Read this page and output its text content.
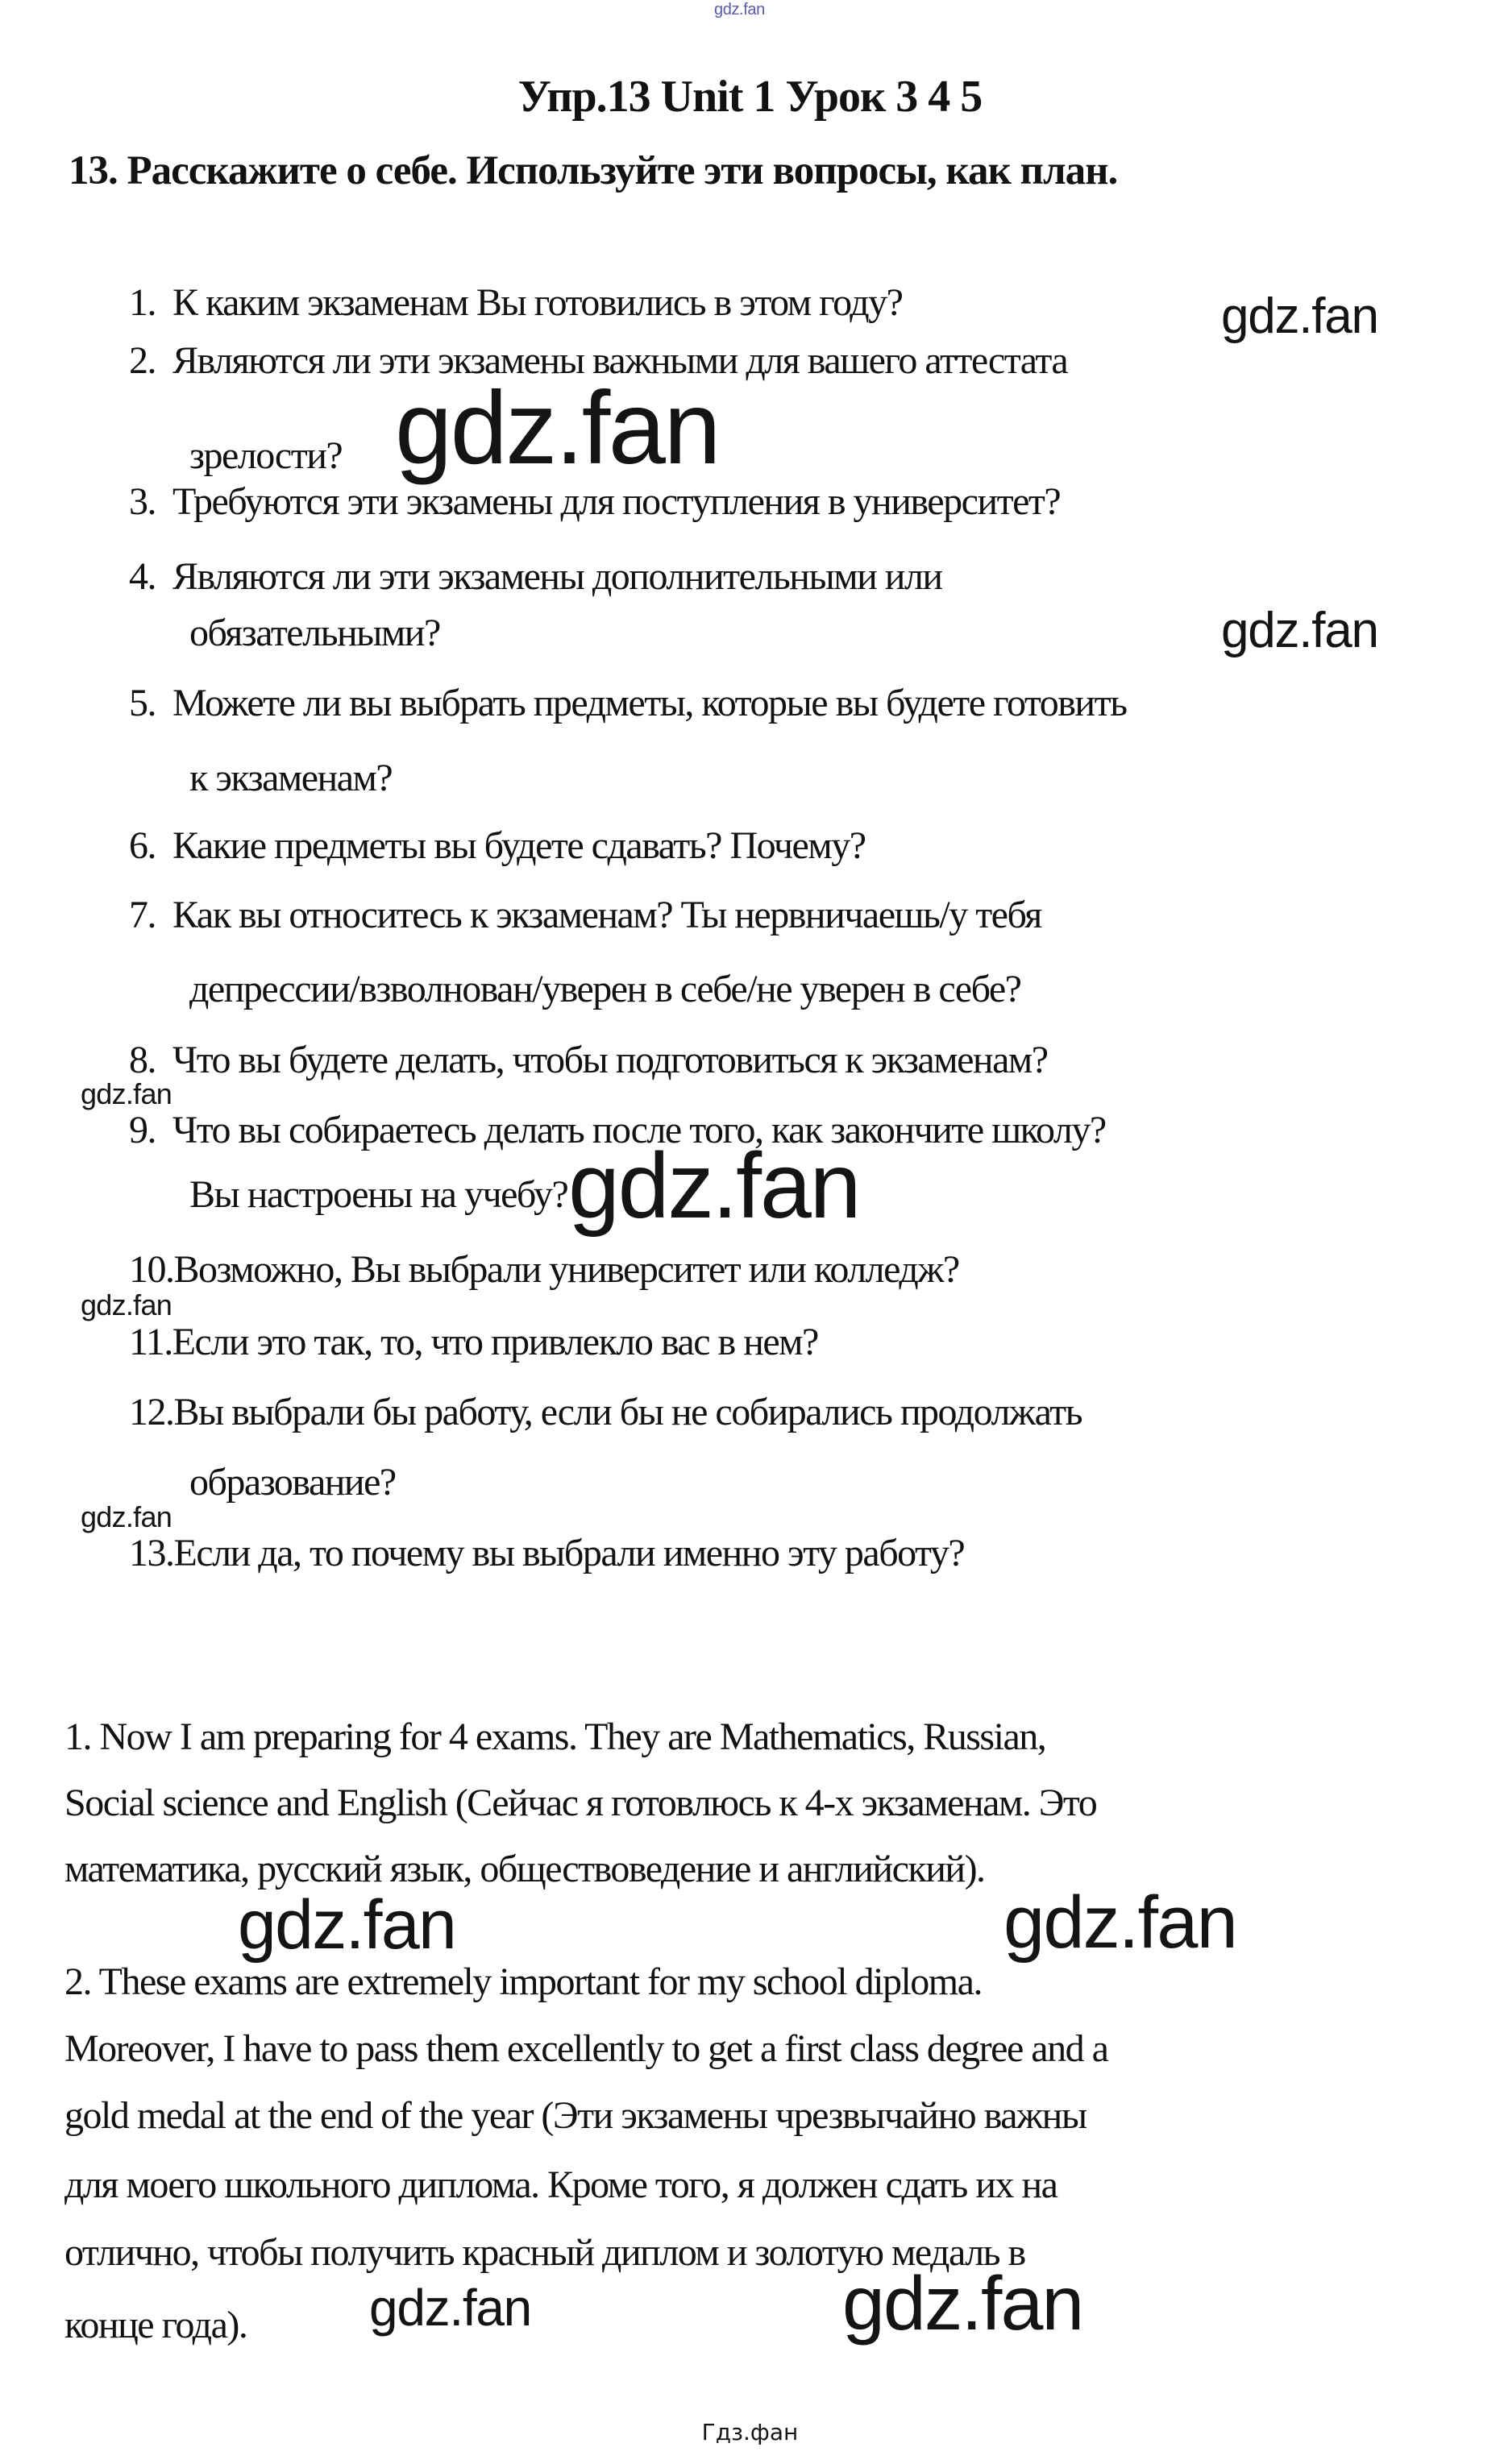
gdz.fan
gdz.fan
gdz.fan
gdz.fan
gdz.fan
gdz.fan
gdz.fan
gdz.fan
gdz.fan	gdz.fan
gdz.fan	gdz.fan
Упр.13 Unit 1 Урок 3 4 5
13. Расскажите о себе. Используйте эти вопросы, как план.
1.  К каким экзаменам Вы готовились в этом году?
2.  Являются ли эти экзамены важными для вашего аттестата
зрелости?
3.  Требуются эти экзамены для поступления в университет?
4.  Являются ли эти экзамены дополнительными или
обязательными?
5.  Можете ли вы выбрать предметы, которые вы будете готовить
к экзаменам?
6.  Какие предметы вы будете сдавать? Почему?
7.  Как вы относитесь к экзаменам? Ты нервничаешь/у тебя
депрессии/взволнован/уверен в себе/не уверен в себе?
8.  Что вы будете делать, чтобы подготовиться к экзаменам?
9.  Что вы собираетесь делать после того, как закончите школу?
Вы настроены на учебу?
10.Возможно, Вы выбрали университет или колледж?
11.Если это так, то, что привлекло вас в нем?
12.Вы выбрали бы работу, если бы не собирались продолжать
образование?
13.Если да, то почему вы выбрали именно эту работу?
1. Now I am preparing for 4 exams. They are Mathematics, Russian,
Social science and English (Сейчас я готовлюсь к 4-х экзаменам. Это
математика, русский язык, обществоведение и английский).
2. These exams are extremely important for my school diploma.
Moreover, I have to pass them excellently to get a first class degree and a
gold medal at the end of the year (Эти экзамены чрезвычайно важны
для моего школьного диплома. Кроме того, я должен сдать их на
отлично, чтобы получить красный диплом и золотую медаль в
конце года).
Гдз.фан
